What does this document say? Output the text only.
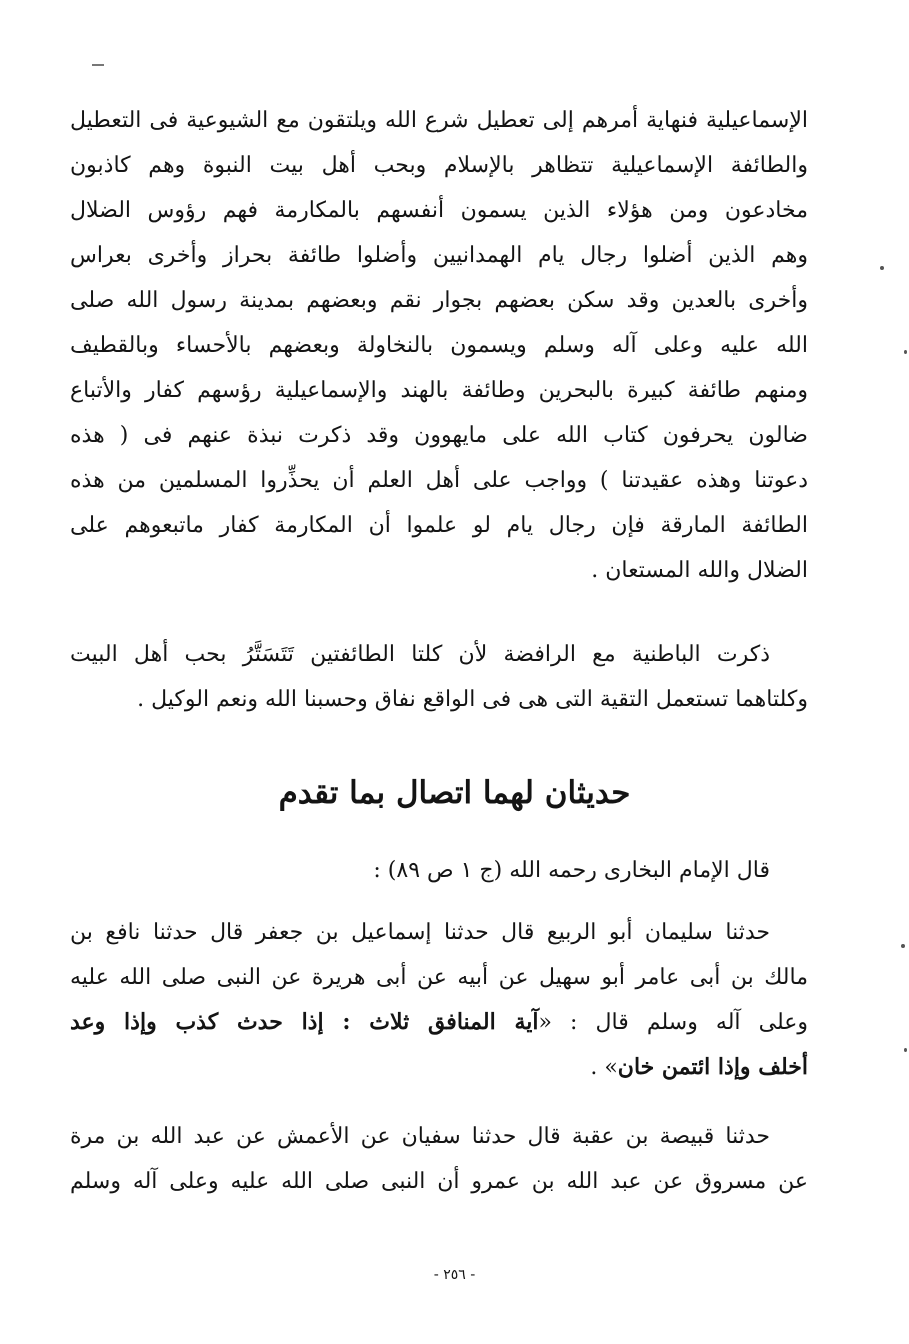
الإسماعيلية فنهاية أمرهم إلى تعطيل شرع الله ويلتقون مع الشيوعية فى التعطيل
والطائفة الإسماعيلية تتظاهر بالإسلام وبحب أهل بيت النبوة وهم كاذبون
مخادعون ومن هؤلاء الذين يسمون أنفسهم بالمكارمة فهم رؤوس الضلال
وهم الذين أضلوا رجال يام الهمدانيين وأضلوا طائفة بحراز وأخرى بعراس
وأخرى بالعدين وقد سكن بعضهم بجوار نقم وبعضهم بمدينة رسول الله صلى
الله عليه وعلى آله وسلم ويسمون بالنخاولة وبعضهم بالأحساء وبالقطيف
ومنهم طائفة كبيرة بالبحرين وطائفة بالهند والإسماعيلية رؤسهم كفار والأتباع
ضالون يحرفون كتاب الله على مايهوون وقد ذكرت نبذة عنهم فى ( هذه
دعوتنا وهذه عقيدتنا ) وواجب على أهل العلم أن يحذِّروا المسلمين من هذه
الطائفة المارقة فإن رجال يام لو علموا أن المكارمة كفار ماتبعوهم على
الضلال والله المستعان .
ذكرت الباطنية مع الرافضة لأن كلتا الطائفتين تَتَسَتَّرُ بحب أهل البيت
وكلتاهما تستعمل التقية التى هى فى الواقع نفاق وحسبنا الله ونعم الوكيل .
حديثان لهما اتصال بما تقدم
قال الإمام البخارى رحمه الله (ج ١ ص ٨٩) :
حدثنا سليمان أبو الربيع قال حدثنا إسماعيل بن جعفر قال حدثنا نافع بن
مالك بن أبى عامر أبو سهيل عن أبيه عن أبى هريرة عن النبى صلى الله عليه
وعلى آله وسلم قال : «آية المنافق ثلاث : إذا حدث كذب وإذا وعد
أخلف وإذا ائتمن خان» .
حدثنا قبيصة بن عقبة قال حدثنا سفيان عن الأعمش عن عبد الله بن مرة
عن مسروق عن عبد الله بن عمرو أن النبى صلى الله عليه وعلى آله وسلم
- ٢٥٦ -
